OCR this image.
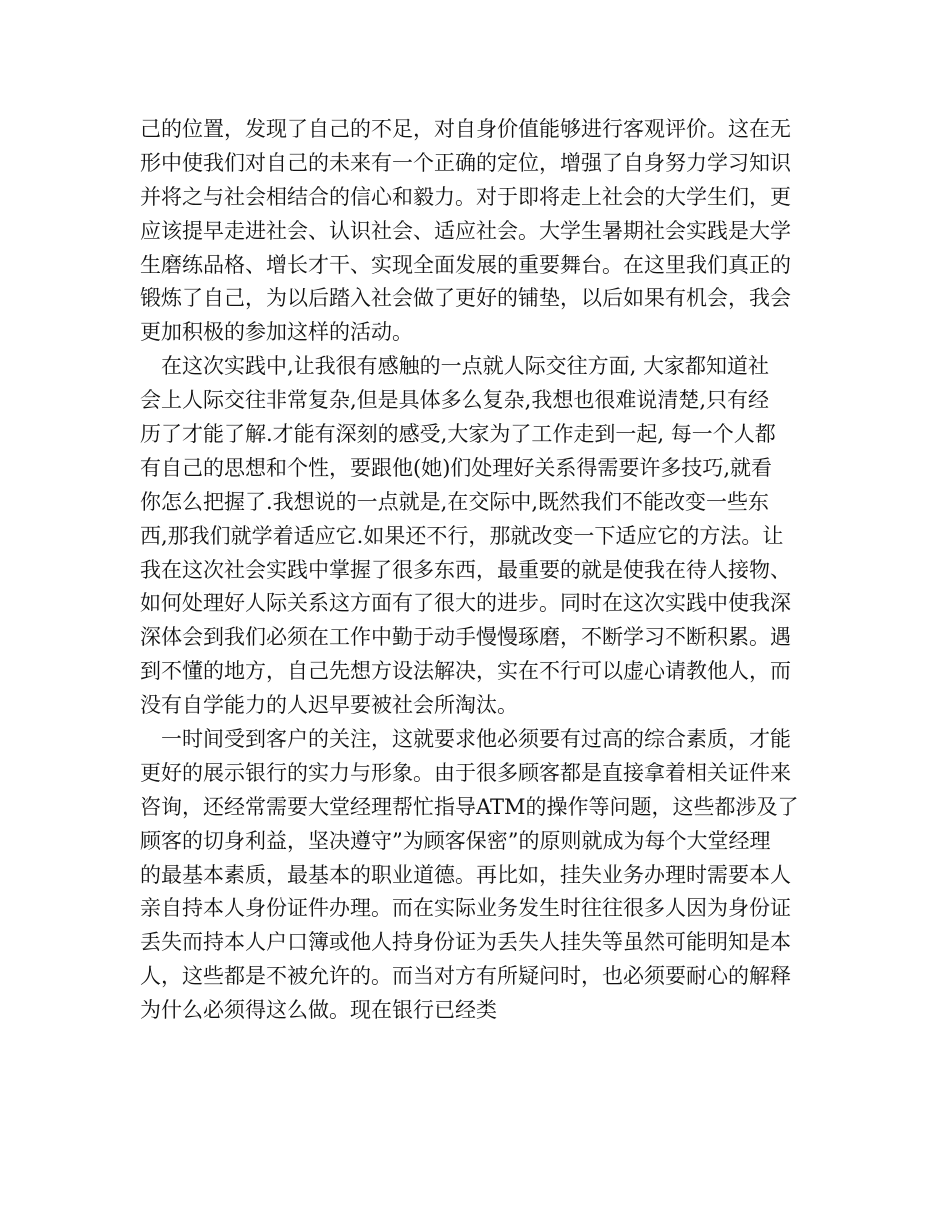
己的位置，发现了自己的不足，对自身价值能够进行客观评价。这在无
形中使我们对自己的未来有一个正确的定位，增强了自身努力学习知识
并将之与社会相结合的信心和毅力。对于即将走上社会的大学生们，更
应该提早走进社会、认识社会、适应社会。大学生暑期社会实践是大学
生磨练品格、增长才干、实现全面发展的重要舞台。在这里我们真正的
锻炼了自己，为以后踏入社会做了更好的铺垫，以后如果有机会，我会
更加积极的参加这样的活动。
在这次实践中,让我很有感触的一点就人际交往方面, 大家都知道社
会上人际交往非常复杂,但是具体多么复杂,我想也很难说清楚,只有经
历了才能了解.才能有深刻的感受,大家为了工作走到一起, 每一个人都
有自己的思想和个性，要跟他(她)们处理好关系得需要许多技巧,就看
你怎么把握了.我想说的一点就是,在交际中,既然我们不能改变一些东
西,那我们就学着适应它.如果还不行，那就改变一下适应它的方法。让
我在这次社会实践中掌握了很多东西，最重要的就是使我在待人接物、
如何处理好人际关系这方面有了很大的进步。同时在这次实践中使我深
深体会到我们必须在工作中勤于动手慢慢琢磨，不断学习不断积累。遇
到不懂的地方，自己先想方设法解决，实在不行可以虚心请教他人，而
没有自学能力的人迟早要被社会所淘汰。
一时间受到客户的关注，这就要求他必须要有过高的综合素质，才能
更好的展示银行的实力与形象。由于很多顾客都是直接拿着相关证件来
咨询，还经常需要大堂经理帮忙指导ATM的操作等问题，这些都涉及了
顾客的切身利益，坚决遵守”为顾客保密”的原则就成为每个大堂经理
的最基本素质，最基本的职业道德。再比如，挂失业务办理时需要本人
亲自持本人身份证件办理。而在实际业务发生时往往很多人因为身份证
丢失而持本人户口簿或他人持身份证为丢失人挂失等虽然可能明知是本
人，这些都是不被允许的。而当对方有所疑问时，也必须要耐心的解释
为什么必须得这么做。现在银行已经类
